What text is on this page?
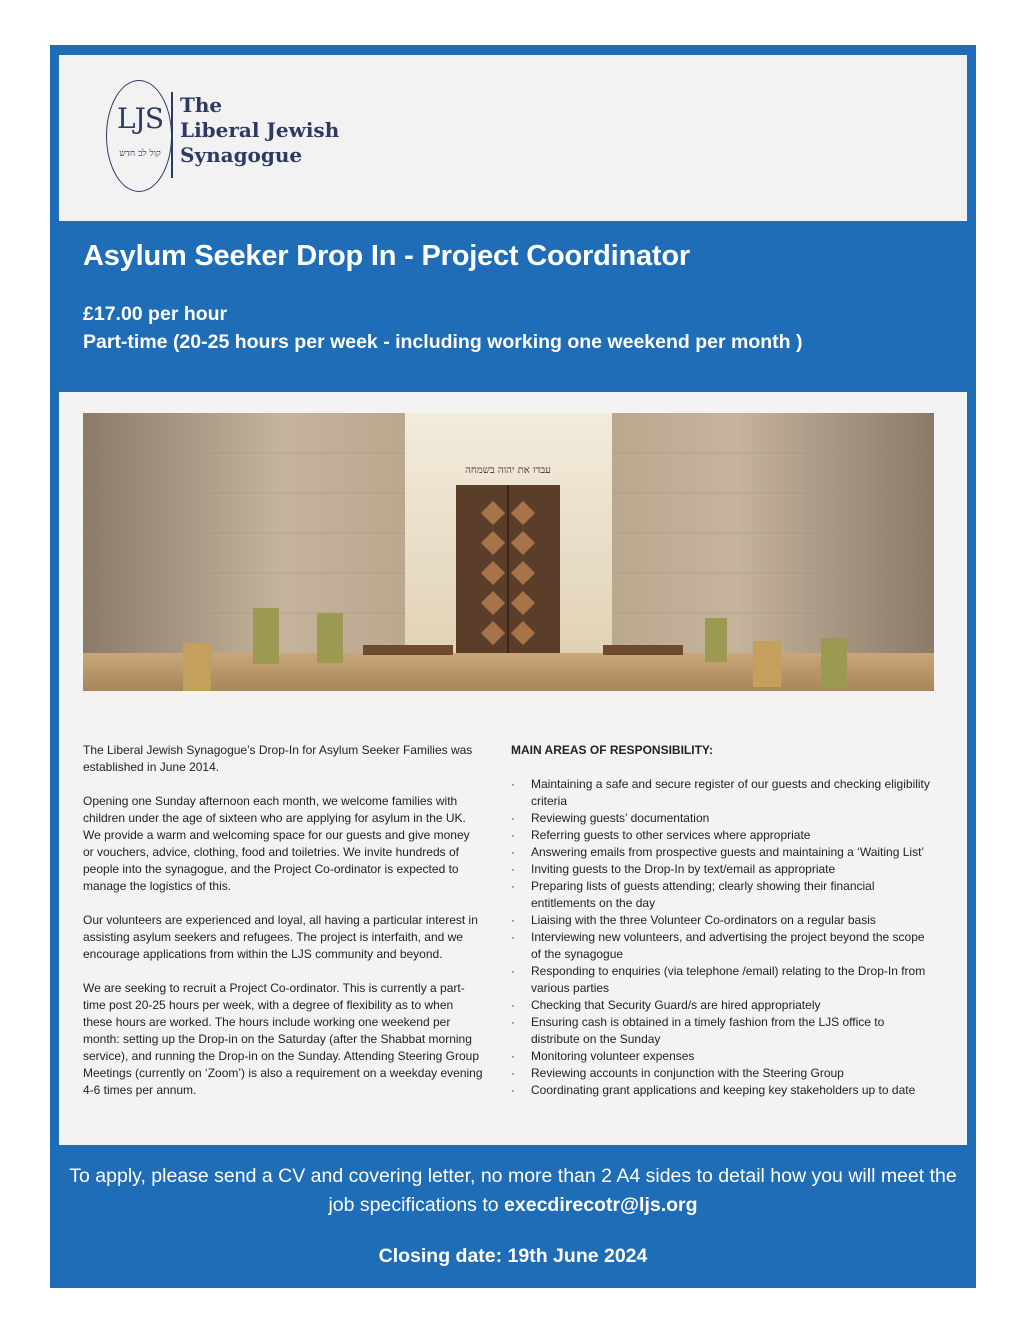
LJS
קול לב חדש
The
Liberal Jewish
Synagogue
Asylum Seeker Drop In - Project Coordinator
£17.00 per hour
Part-time (20-25 hours per week - including working one weekend per month )
עבדו את יהוה בשמחה

The Liberal Jewish Synagogue’s Drop-In for Asylum Seeker Families was established in June 2014.

Opening one Sunday afternoon each month, we welcome families with children under the age of sixteen who are applying for asylum in the UK. We provide a warm and welcoming space for our guests and give money or vouchers, advice, clothing, food and toiletries. We invite hundreds of people into the synagogue, and the Project Co-ordinator is expected to manage the logistics of this.

Our volunteers are experienced and loyal, all having a particular interest in assisting asylum seekers and refugees. The project is interfaith, and we encourage applications from within the LJS community and beyond.

We are seeking to recruit a Project Co-ordinator. This is currently a part-time post 20-25 hours per week, with a degree of flexibility as to when these hours are worked. The hours include working one weekend per month: setting up the Drop-in on the Saturday (after the Shabbat morning service), and running the Drop-in on the Sunday. Attending Steering Group Meetings (currently on ‘Zoom’) is also a requirement on a weekday evening 4-6 times per annum.

MAIN AREAS OF RESPONSIBILITY:
· Maintaining a safe and secure register of our guests and checking eligibility criteria
· Reviewing guests’ documentation
· Referring guests to other services where appropriate
· Answering emails from prospective guests and maintaining a ‘Waiting List’
· Inviting guests to the Drop-In by text/email as appropriate
· Preparing lists of guests attending; clearly showing their financial entitlements on the day
· Liaising with the three Volunteer Co-ordinators on a regular basis
· Interviewing new volunteers, and advertising the project beyond the scope of the synagogue
· Responding to enquiries (via telephone /email) relating to the Drop-In from various parties
· Checking that Security Guard/s are hired appropriately
· Ensuring cash is obtained in a timely fashion from the LJS office to distribute on the Sunday
· Monitoring volunteer expenses
· Reviewing accounts in conjunction with the Steering Group
· Coordinating grant applications and keeping key stakeholders up to date
To apply, please send a CV and covering letter, no more than 2 A4 sides to detail how you will meet the job specifications to execdirecotr@ljs.org
Closing date: 19th June 2024
